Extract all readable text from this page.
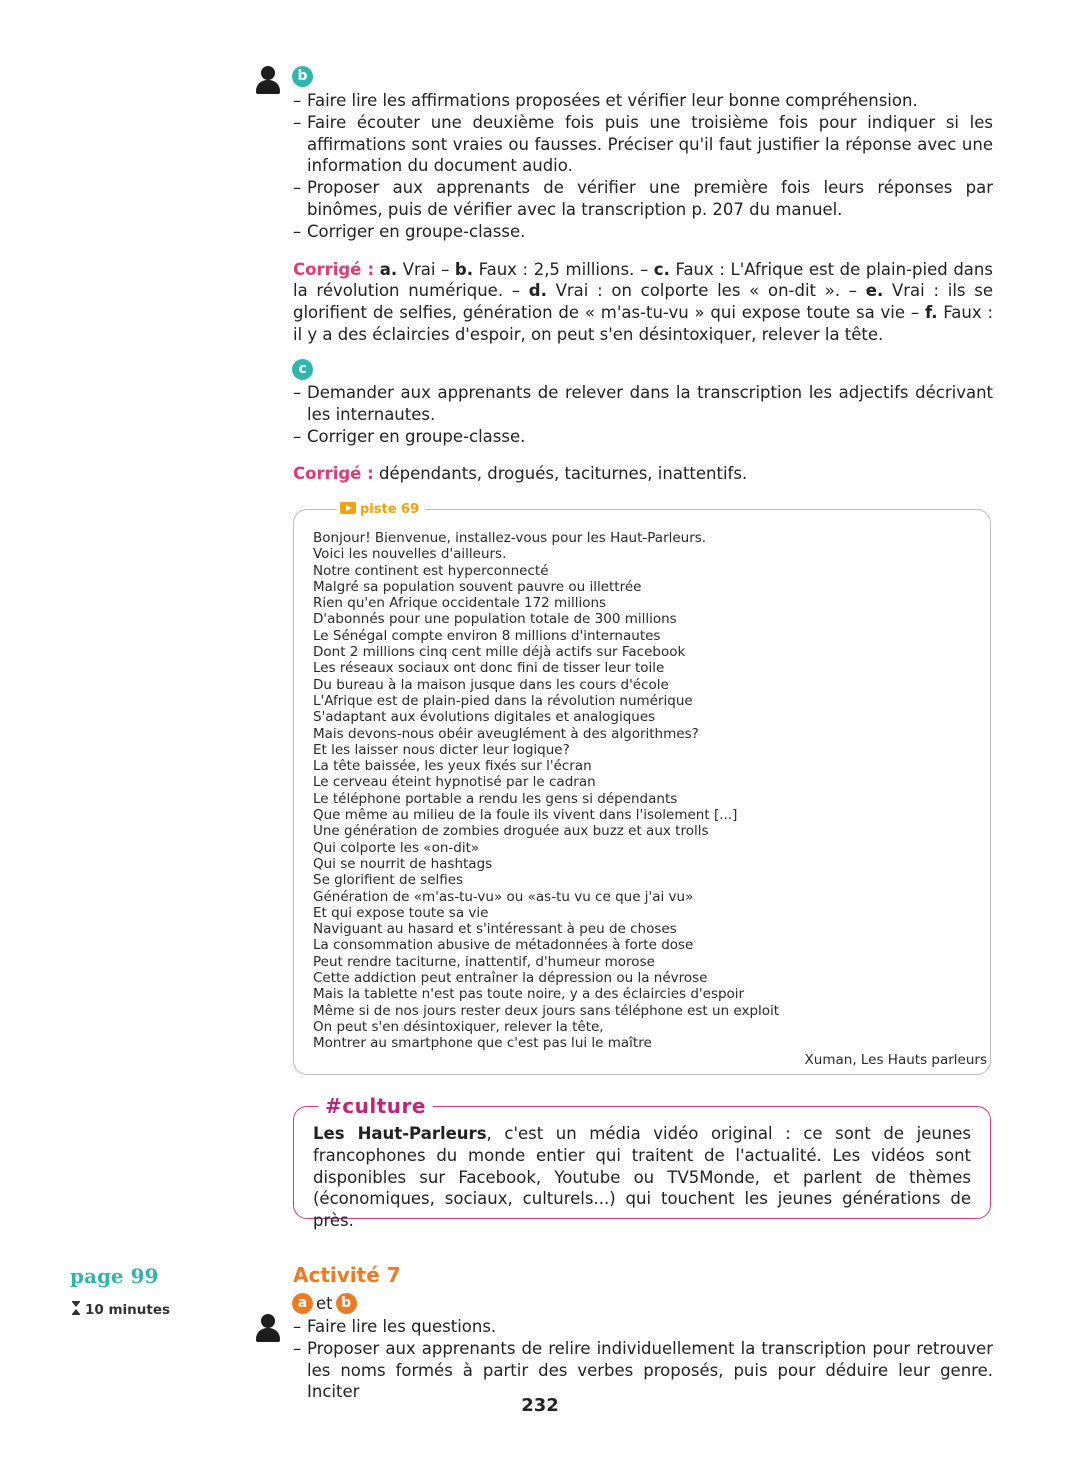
b
– Faire lire les affirmations proposées et vérifier leur bonne compréhension.
– Faire écouter une deuxième fois puis une troisième fois pour indiquer si les affirmations sont vraies ou fausses. Préciser qu'il faut justifier la réponse avec une information du document audio.
– Proposer aux apprenants de vérifier une première fois leurs réponses par binômes, puis de vérifier avec la transcription p. 207 du manuel.
– Corriger en groupe-classe.

Corrigé : a. Vrai – b. Faux : 2,5 millions. – c. Faux : L'Afrique est de plain-pied dans la révolution numérique. – d. Vrai : on colporte les « on-dit ». – e. Vrai : ils se glorifient de selfies, génération de « m'as-tu-vu » qui expose toute sa vie – f. Faux : il y a des éclaircies d'espoir, on peut s'en désintoxiquer, relever la tête.

c
– Demander aux apprenants de relever dans la transcription les adjectifs décrivant les internautes.
– Corriger en groupe-classe.

Corrigé : dépendants, drogués, taciturnes, inattentifs.

piste 69
Bonjour! Bienvenue, installez-vous pour les Haut-Parleurs.
Voici les nouvelles d'ailleurs.
Notre continent est hyperconnecté
Malgré sa population souvent pauvre ou illettrée
Rien qu'en Afrique occidentale 172 millions
D'abonnés pour une population totale de 300 millions
Le Sénégal compte environ 8 millions d'internautes
Dont 2 millions cinq cent mille déjà actifs sur Facebook
Les réseaux sociaux ont donc fini de tisser leur toile
Du bureau à la maison jusque dans les cours d'école
L'Afrique est de plain-pied dans la révolution numérique
S'adaptant aux évolutions digitales et analogiques
Mais devons-nous obéir aveuglément à des algorithmes?
Et les laisser nous dicter leur logique?
La tête baissée, les yeux fixés sur l'écran
Le cerveau éteint hypnotisé par le cadran
Le téléphone portable a rendu les gens si dépendants
Que même au milieu de la foule ils vivent dans l'isolement [...]
Une génération de zombies droguée aux buzz et aux trolls
Qui colporte les «on-dit»
Qui se nourrit de hashtags
Se glorifient de selfies
Génération de «m'as-tu-vu» ou «as-tu vu ce que j'ai vu»
Et qui expose toute sa vie
Naviguant au hasard et s'intéressant à peu de choses
La consommation abusive de métadonnées à forte dose
Peut rendre taciturne, inattentif, d'humeur morose
Cette addiction peut entraîner la dépression ou la névrose
Mais la tablette n'est pas toute noire, y a des éclaircies d'espoir
Même si de nos jours rester deux jours sans téléphone est un exploit
On peut s'en désintoxiquer, relever la tête,
Montrer au smartphone que c'est pas lui le maître
Xuman, Les Hauts parleurs
#culture

Les Haut-Parleurs, c'est un média vidéo original : ce sont de jeunes francophones du monde entier qui traitent de l'actualité. Les vidéos sont disponibles sur Facebook, Youtube ou TV5Monde, et parlent de thèmes (économiques, sociaux, culturels...) qui touchent les jeunes générations de près.

page 99
10 minutes
Activité 7
a et b
– Faire lire les questions.
– Proposer aux apprenants de relire individuellement la transcription pour retrouver les noms formés à partir des verbes proposés, puis pour déduire leur genre. Inciter
232
